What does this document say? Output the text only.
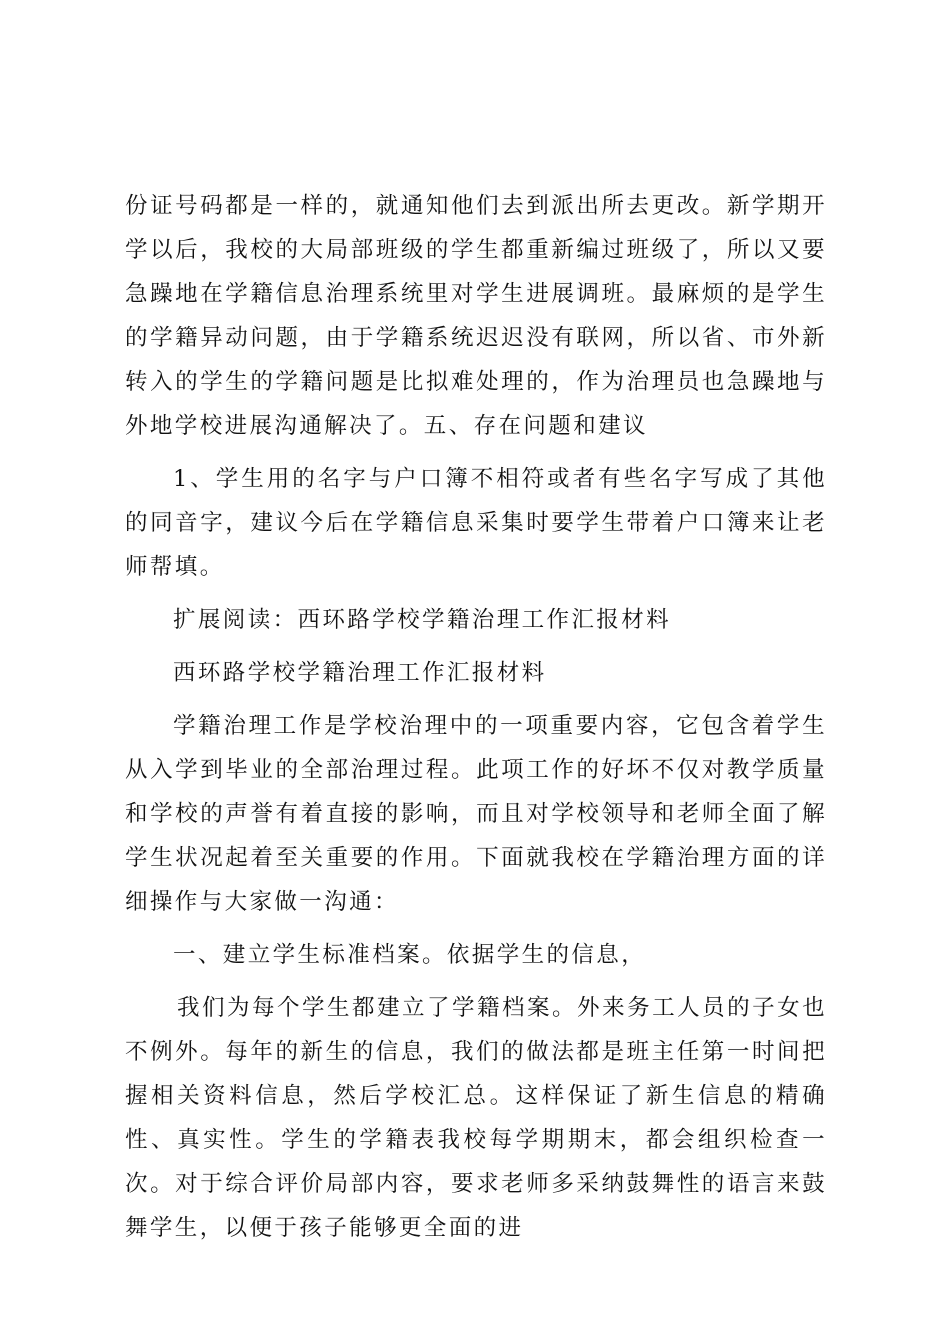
份证号码都是一样的，就通知他们去到派出所去更改。新学期开学以后，我校的大局部班级的学生都重新编过班级了，所以又要急躁地在学籍信息治理系统里对学生进展调班。最麻烦的是学生的学籍异动问题，由于学籍系统迟迟没有联网，所以省、市外新转入的学生的学籍问题是比拟难处理的，作为治理员也急躁地与外地学校进展沟通解决了。五、存在问题和建议

1、学生用的名字与户口簿不相符或者有些名字写成了其他的同音字，建议今后在学籍信息采集时要学生带着户口簿来让老师帮填。

扩展阅读：西环路学校学籍治理工作汇报材料

西环路学校学籍治理工作汇报材料

学籍治理工作是学校治理中的一项重要内容，它包含着学生从入学到毕业的全部治理过程。此项工作的好坏不仅对教学质量和学校的声誉有着直接的影响，而且对学校领导和老师全面了解学生状况起着至关重要的作用。下面就我校在学籍治理方面的详细操作与大家做一沟通：

一、建立学生标准档案。依据学生的信息，

我们为每个学生都建立了学籍档案。外来务工人员的子女也不例外。每年的新生的信息，我们的做法都是班主任第一时间把握相关资料信息，然后学校汇总。这样保证了新生信息的精确性、真实性。学生的学籍表我校每学期期末，都会组织检查一次。对于综合评价局部内容，要求老师多采纳鼓舞性的语言来鼓舞学生，以便于孩子能够更全面的进
